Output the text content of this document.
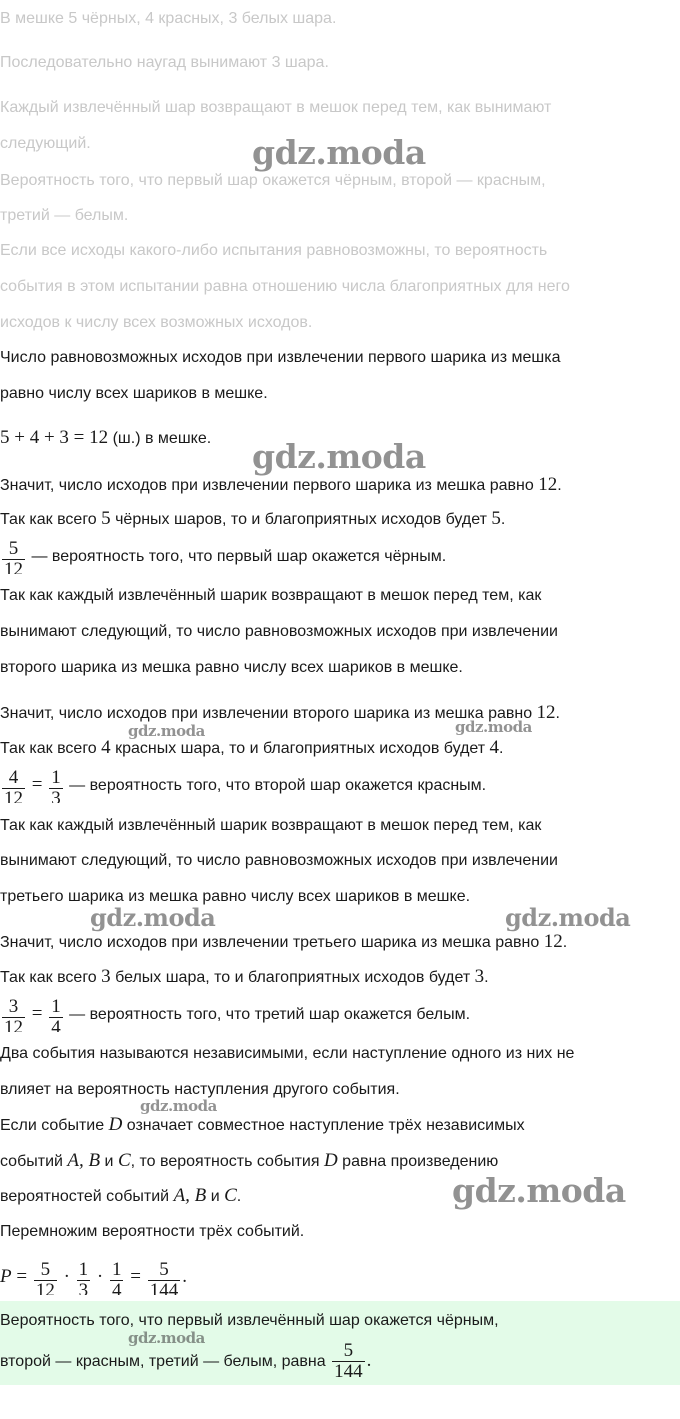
В мешке 5 чёрных, 4 красных, 3 белых шара.
Последовательно наугад вынимают 3 шара.
Каждый извлечённый шар возвращают в мешок перед тем, как вынимают
следующий.
Вероятность того, что первый шар окажется чёрным, второй — красным,
третий — белым.
Если все исходы какого-либо испытания равновозможны, то вероятность
события в этом испытании равна отношению числа благоприятных для него
исходов к числу всех возможных исходов.
Число равновозможных исходов при извлечении первого шарика из мешка
равно числу всех шариков в мешке.
5 + 4 + 3 = 12 (ш.) в мешке.
Значит, число исходов при извлечении первого шарика из мешка равно 12.
Так как всего 5 чёрных шаров, то и благоприятных исходов будет 5.
$\frac{5}{12}$ — вероятность того, что первый шар окажется чёрным.
Так как каждый извлечённый шарик возвращают в мешок перед тем, как
вынимают следующий, то число равновозможных исходов при извлечении
второго шарика из мешка равно числу всех шариков в мешке.
Значит, число исходов при извлечении второго шарика из мешка равно 12.
Так как всего 4 красных шара, то и благоприятных исходов будет 4.
$\frac{4}{12} = \frac{1}{3}$ — вероятность того, что второй шар окажется красным.
Так как каждый извлечённый шарик возвращают в мешок перед тем, как
вынимают следующий, то число равновозможных исходов при извлечении
третьего шарика из мешка равно числу всех шариков в мешке.
Значит, число исходов при извлечении третьего шарика из мешка равно 12.
Так как всего 3 белых шара, то и благоприятных исходов будет 3.
$\frac{3}{12} = \frac{1}{4}$ — вероятность того, что третий шар окажется белым.
Два события называются независимыми, если наступление одного из них не
влияет на вероятность наступления другого события.
Если событие D означает совместное наступление трёх независимых
событий A, B и C, то вероятность события D равна произведению
вероятностей событий A, B и C.
Перемножим вероятности трёх событий.
$P = \frac{5}{12} \cdot \frac{1}{3} \cdot \frac{1}{4} = \frac{5}{144}$ .
Вероятность того, что первый извлечённый шар окажется чёрным,
второй — красным, третий — белым, равна $\frac{5}{144}$ .
gdz.moda
gdz.moda
gdz.moda	gdz.moda
gdz.moda	gdz.moda
gdz.moda
gdz.moda
gdz.moda
